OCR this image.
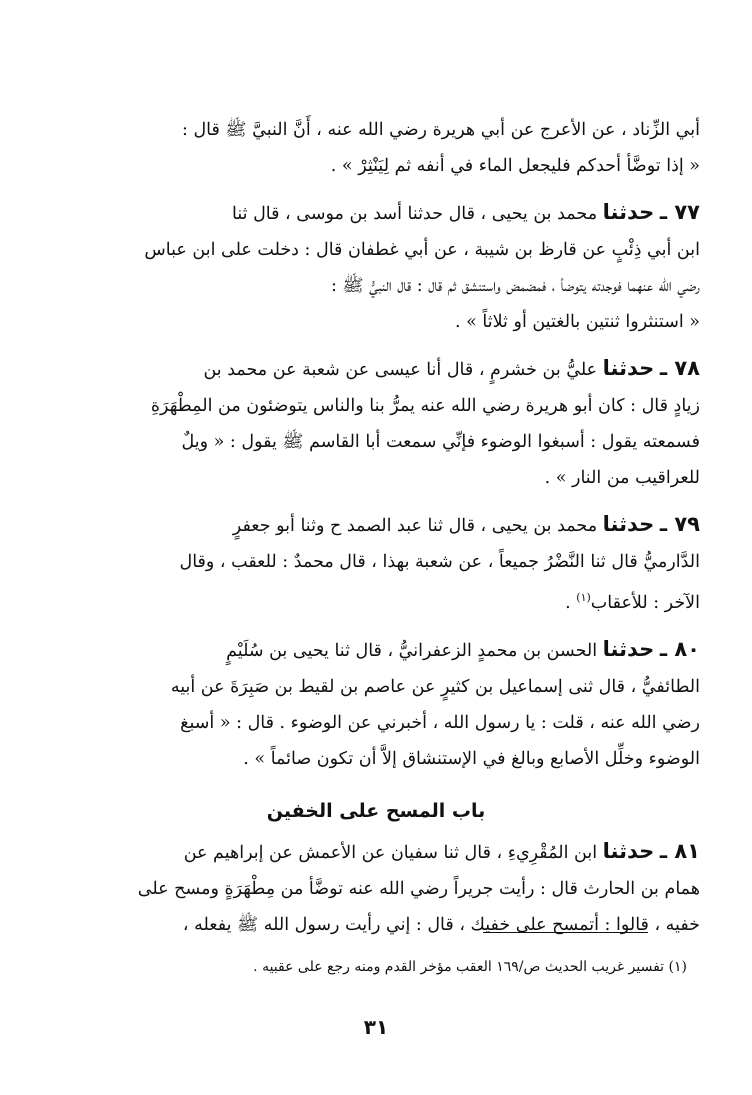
أبي الزِّناد ، عن الأعرج عن أبي هريرة رضي الله عنه ، أَنَّ النبيَّ ﷺ قال :
« إذا توضَّأ أحدكم فليجعل الماء في أنفه ثم لِيَنْثِرْ » .

٧٧ ـ حدثنا محمد بن يحيى ، قال حدثنا أسد بن موسى ، قال ثنا
ابن أبي ذِئْبٍ عن قارظ بن شيبة ، عن أبي غطفان قال : دخلت على ابن عباس
رضي الله عنهما فوجدته يتوضأ ، فمضمض واستنشق ثم قال : قال النبيُّ ﷺ :
« استنثروا ثنتين بالغتين أو ثلاثاً » .

٧٨ ـ حدثنا عليُّ بن خشرمٍ ، قال أنا عيسى عن شعبة عن محمد بن
زيادٍ قال : كان أبو هريرة رضي الله عنه يمرُّ بنا والناس يتوضئون من المِطْهَرَةِ
فسمعته يقول : أسبغوا الوضوء فإنِّي سمعت أبا القاسم ﷺ يقول : « ويلٌ
للعراقيب من النار » .

٧٩ ـ حدثنا محمد بن يحيى ، قال ثنا عبد الصمد ح وثنا أبو جعفرٍ
الدَّارميُّ قال ثنا النَّضْرُ جميعاً ، عن شعبة بهذا ، قال محمدٌ : للعقب ، وقال
الآخر : للأعقاب$^{(١)}$ .

٨٠ ـ حدثنا الحسن بن محمدٍ الزعفرانيُّ ، قال ثنا يحيى بن سُلَيْمٍ
الطائفيُّ ، قال ثنى إسماعيل بن كثيرٍ عن عاصم بن لقيط بن صَبِرَةَ عن أبيه
رضي الله عنه ، قلت : يا رسول الله ، أخبرني عن الوضوء . قال : « أسبغ
الوضوء وخلِّل الأصابع وبالغ في الإستنشاق إلاَّ أن تكون صائماً » .

باب المسح على الخفين

٨١ ـ حدثنا ابن المُقْرِيءِ ، قال ثنا سفيان عن الأعمش عن إبراهيم عن
همام بن الحارث قال : رأيت جريراً رضي الله عنه توضَّأ من مِطْهَرَةٍ ومسح على
خفيه ، قالوا : أتمسح على خفيك ، قال : إني رأيت رسول الله ﷺ يفعله ،

(١) تفسير غريب الحديث ص/١٦٩ العقب مؤخر القدم ومنه رجع على عقبيه .
٣١
